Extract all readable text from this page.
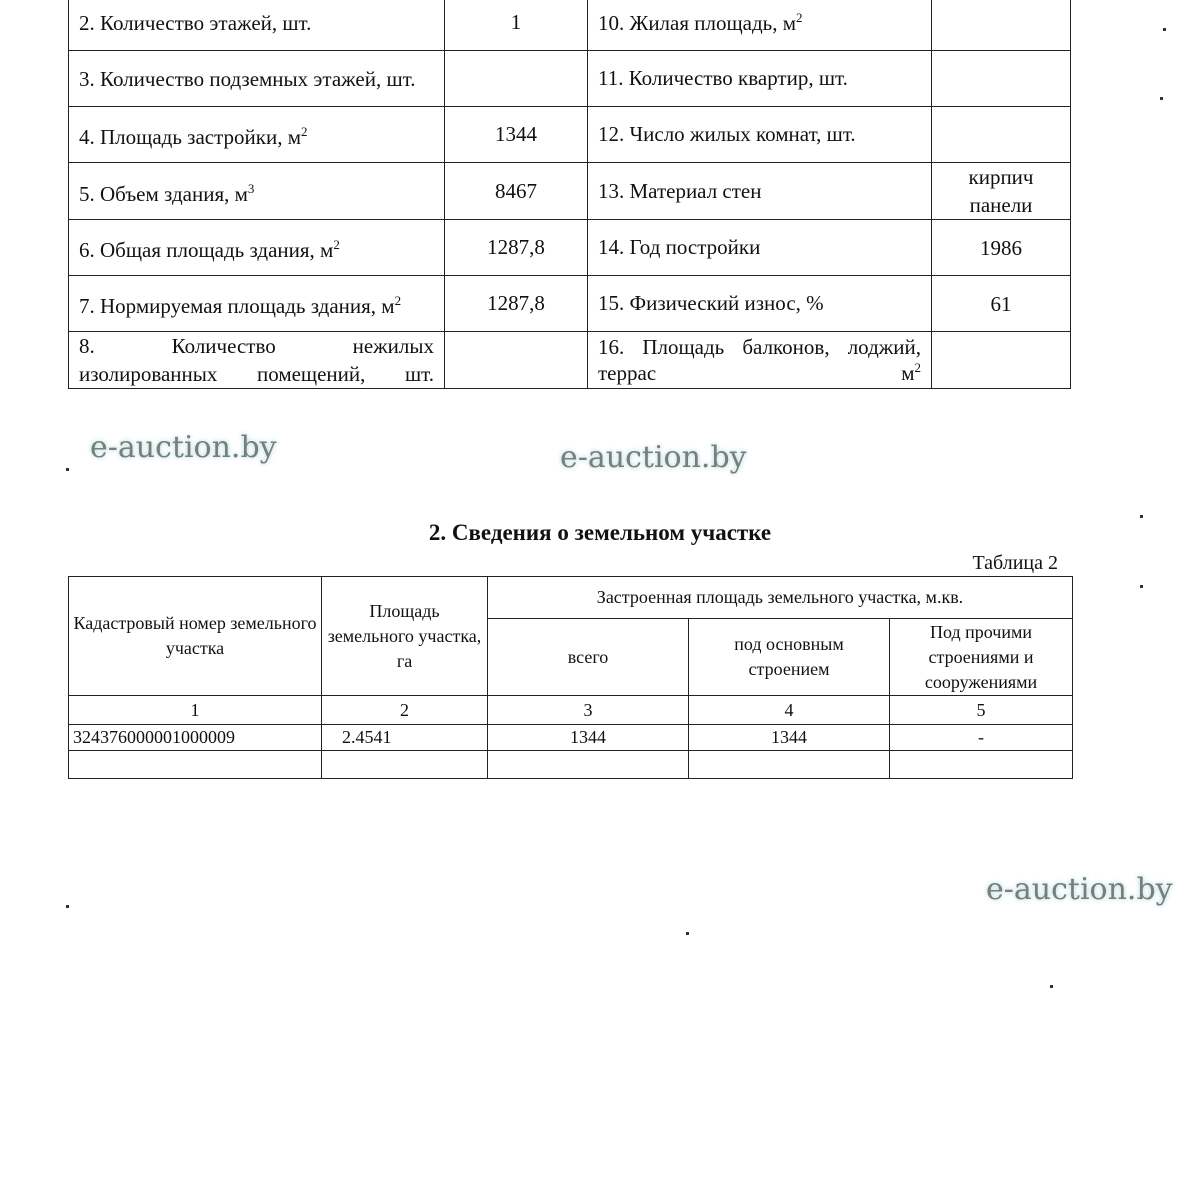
2. Количество этажей, шт.	1	10. Жилая площадь, $м^2$	
3. Количество подземных этажей, шт.		11. Количество квартир, шт.	
4. Площадь застройки, $м^2$	1344	12. Число жилых комнат, шт.	
5. Объем здания, $м^3$	8467	13. Материал стен	кирпич панели
6. Общая площадь здания, $м^2$	1287,8	14. Год постройки	1986
7. Нормируемая площадь здания, $м^2$	1287,8	15. Физический износ, %	61
8. Количество нежилых изолированных помещений, шт.		16. Площадь балконов, лоджий, террас $м^2$	
2. Сведения о земельном участке
Таблица 2
Кадастровый номер земельного участка	Площадь земельного участка, га	Застроенная площадь земельного участка, м.кв.		
		всего	под основным строением	Под прочими строениями и сооружениями
1	2	3	4	5
324376000001000009	2.4541	1344	1344	-

e-auction.by	e-auction.by
e-auction.by
